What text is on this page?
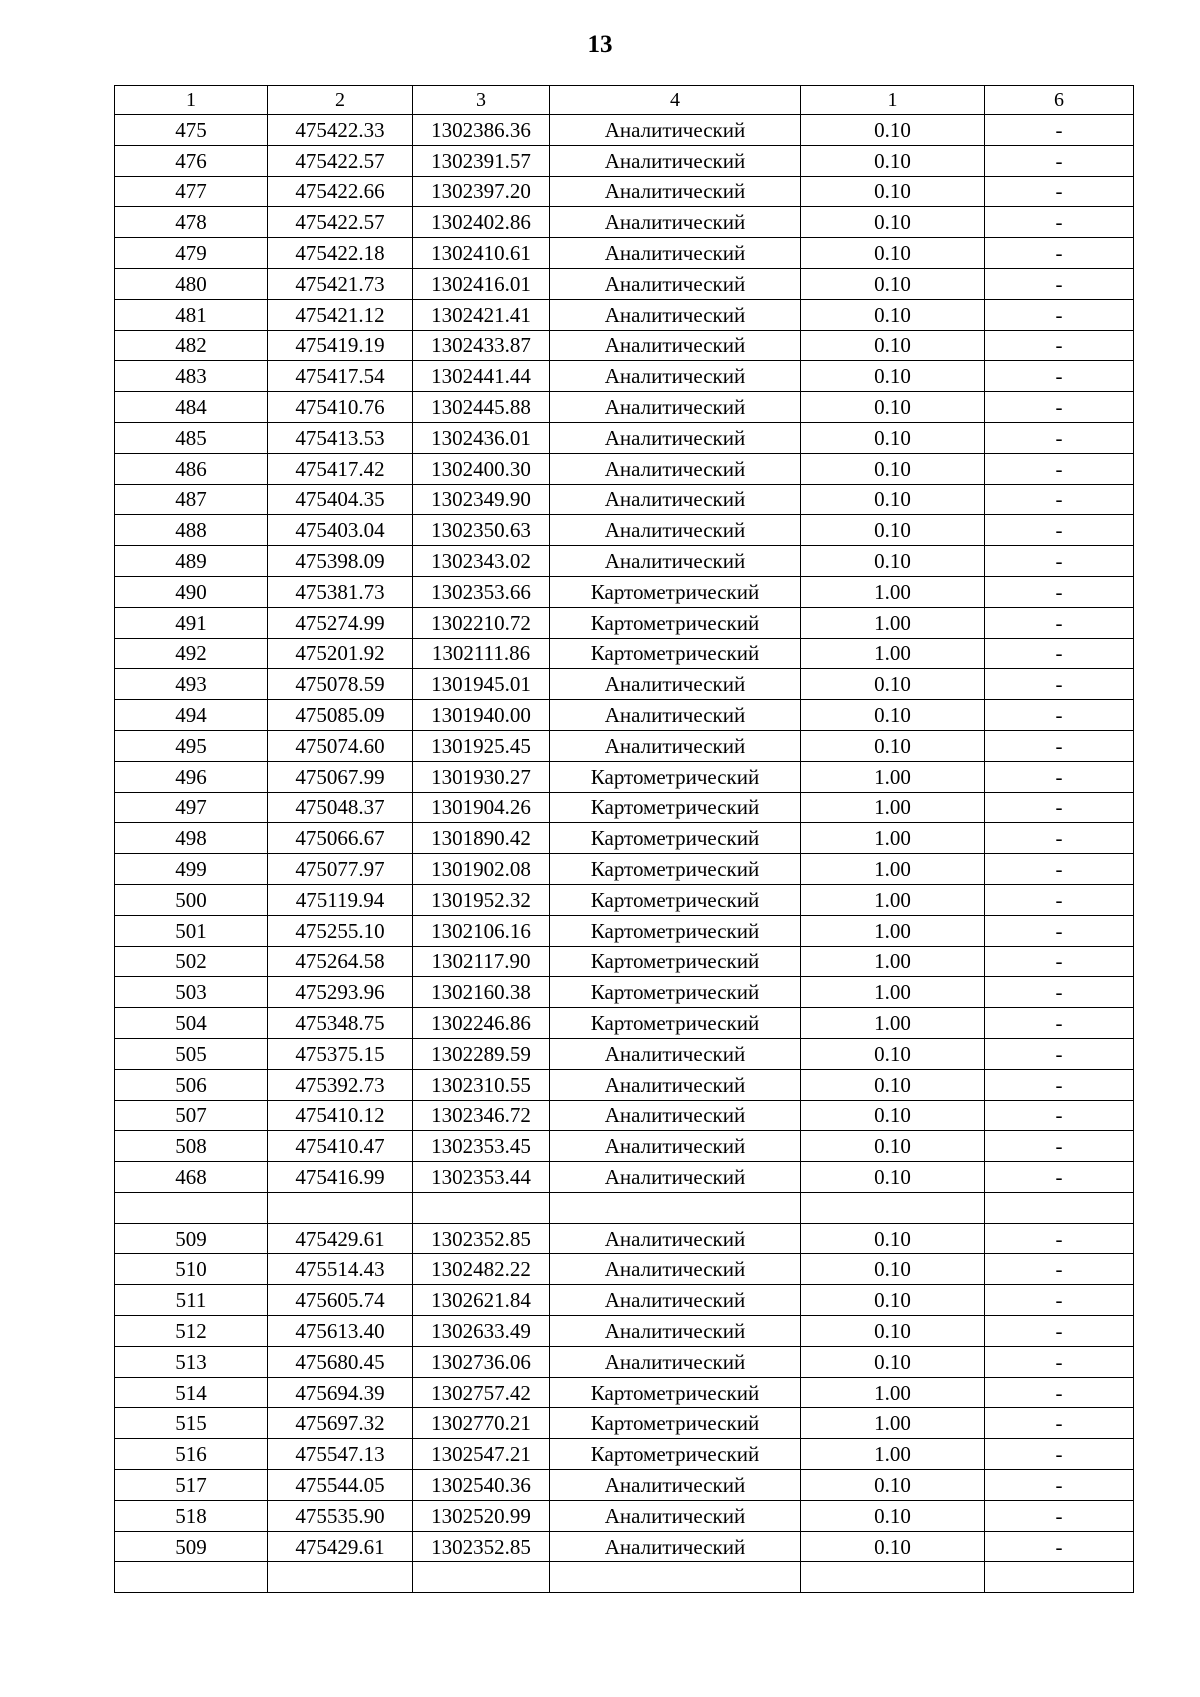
13
1	2	3	4	1	6
475	475422.33	1302386.36	Аналитический	0.10	-
476	475422.57	1302391.57	Аналитический	0.10	-
477	475422.66	1302397.20	Аналитический	0.10	-
478	475422.57	1302402.86	Аналитический	0.10	-
479	475422.18	1302410.61	Аналитический	0.10	-
480	475421.73	1302416.01	Аналитический	0.10	-
481	475421.12	1302421.41	Аналитический	0.10	-
482	475419.19	1302433.87	Аналитический	0.10	-
483	475417.54	1302441.44	Аналитический	0.10	-
484	475410.76	1302445.88	Аналитический	0.10	-
485	475413.53	1302436.01	Аналитический	0.10	-
486	475417.42	1302400.30	Аналитический	0.10	-
487	475404.35	1302349.90	Аналитический	0.10	-
488	475403.04	1302350.63	Аналитический	0.10	-
489	475398.09	1302343.02	Аналитический	0.10	-
490	475381.73	1302353.66	Картометрический	1.00	-
491	475274.99	1302210.72	Картометрический	1.00	-
492	475201.92	1302111.86	Картометрический	1.00	-
493	475078.59	1301945.01	Аналитический	0.10	-
494	475085.09	1301940.00	Аналитический	0.10	-
495	475074.60	1301925.45	Аналитический	0.10	-
496	475067.99	1301930.27	Картометрический	1.00	-
497	475048.37	1301904.26	Картометрический	1.00	-
498	475066.67	1301890.42	Картометрический	1.00	-
499	475077.97	1301902.08	Картометрический	1.00	-
500	475119.94	1301952.32	Картометрический	1.00	-
501	475255.10	1302106.16	Картометрический	1.00	-
502	475264.58	1302117.90	Картометрический	1.00	-
503	475293.96	1302160.38	Картометрический	1.00	-
504	475348.75	1302246.86	Картометрический	1.00	-
505	475375.15	1302289.59	Аналитический	0.10	-
506	475392.73	1302310.55	Аналитический	0.10	-
507	475410.12	1302346.72	Аналитический	0.10	-
508	475410.47	1302353.45	Аналитический	0.10	-
468	475416.99	1302353.44	Аналитический	0.10	-

509	475429.61	1302352.85	Аналитический	0.10	-
510	475514.43	1302482.22	Аналитический	0.10	-
511	475605.74	1302621.84	Аналитический	0.10	-
512	475613.40	1302633.49	Аналитический	0.10	-
513	475680.45	1302736.06	Аналитический	0.10	-
514	475694.39	1302757.42	Картометрический	1.00	-
515	475697.32	1302770.21	Картометрический	1.00	-
516	475547.13	1302547.21	Картометрический	1.00	-
517	475544.05	1302540.36	Аналитический	0.10	-
518	475535.90	1302520.99	Аналитический	0.10	-
509	475429.61	1302352.85	Аналитический	0.10	-
